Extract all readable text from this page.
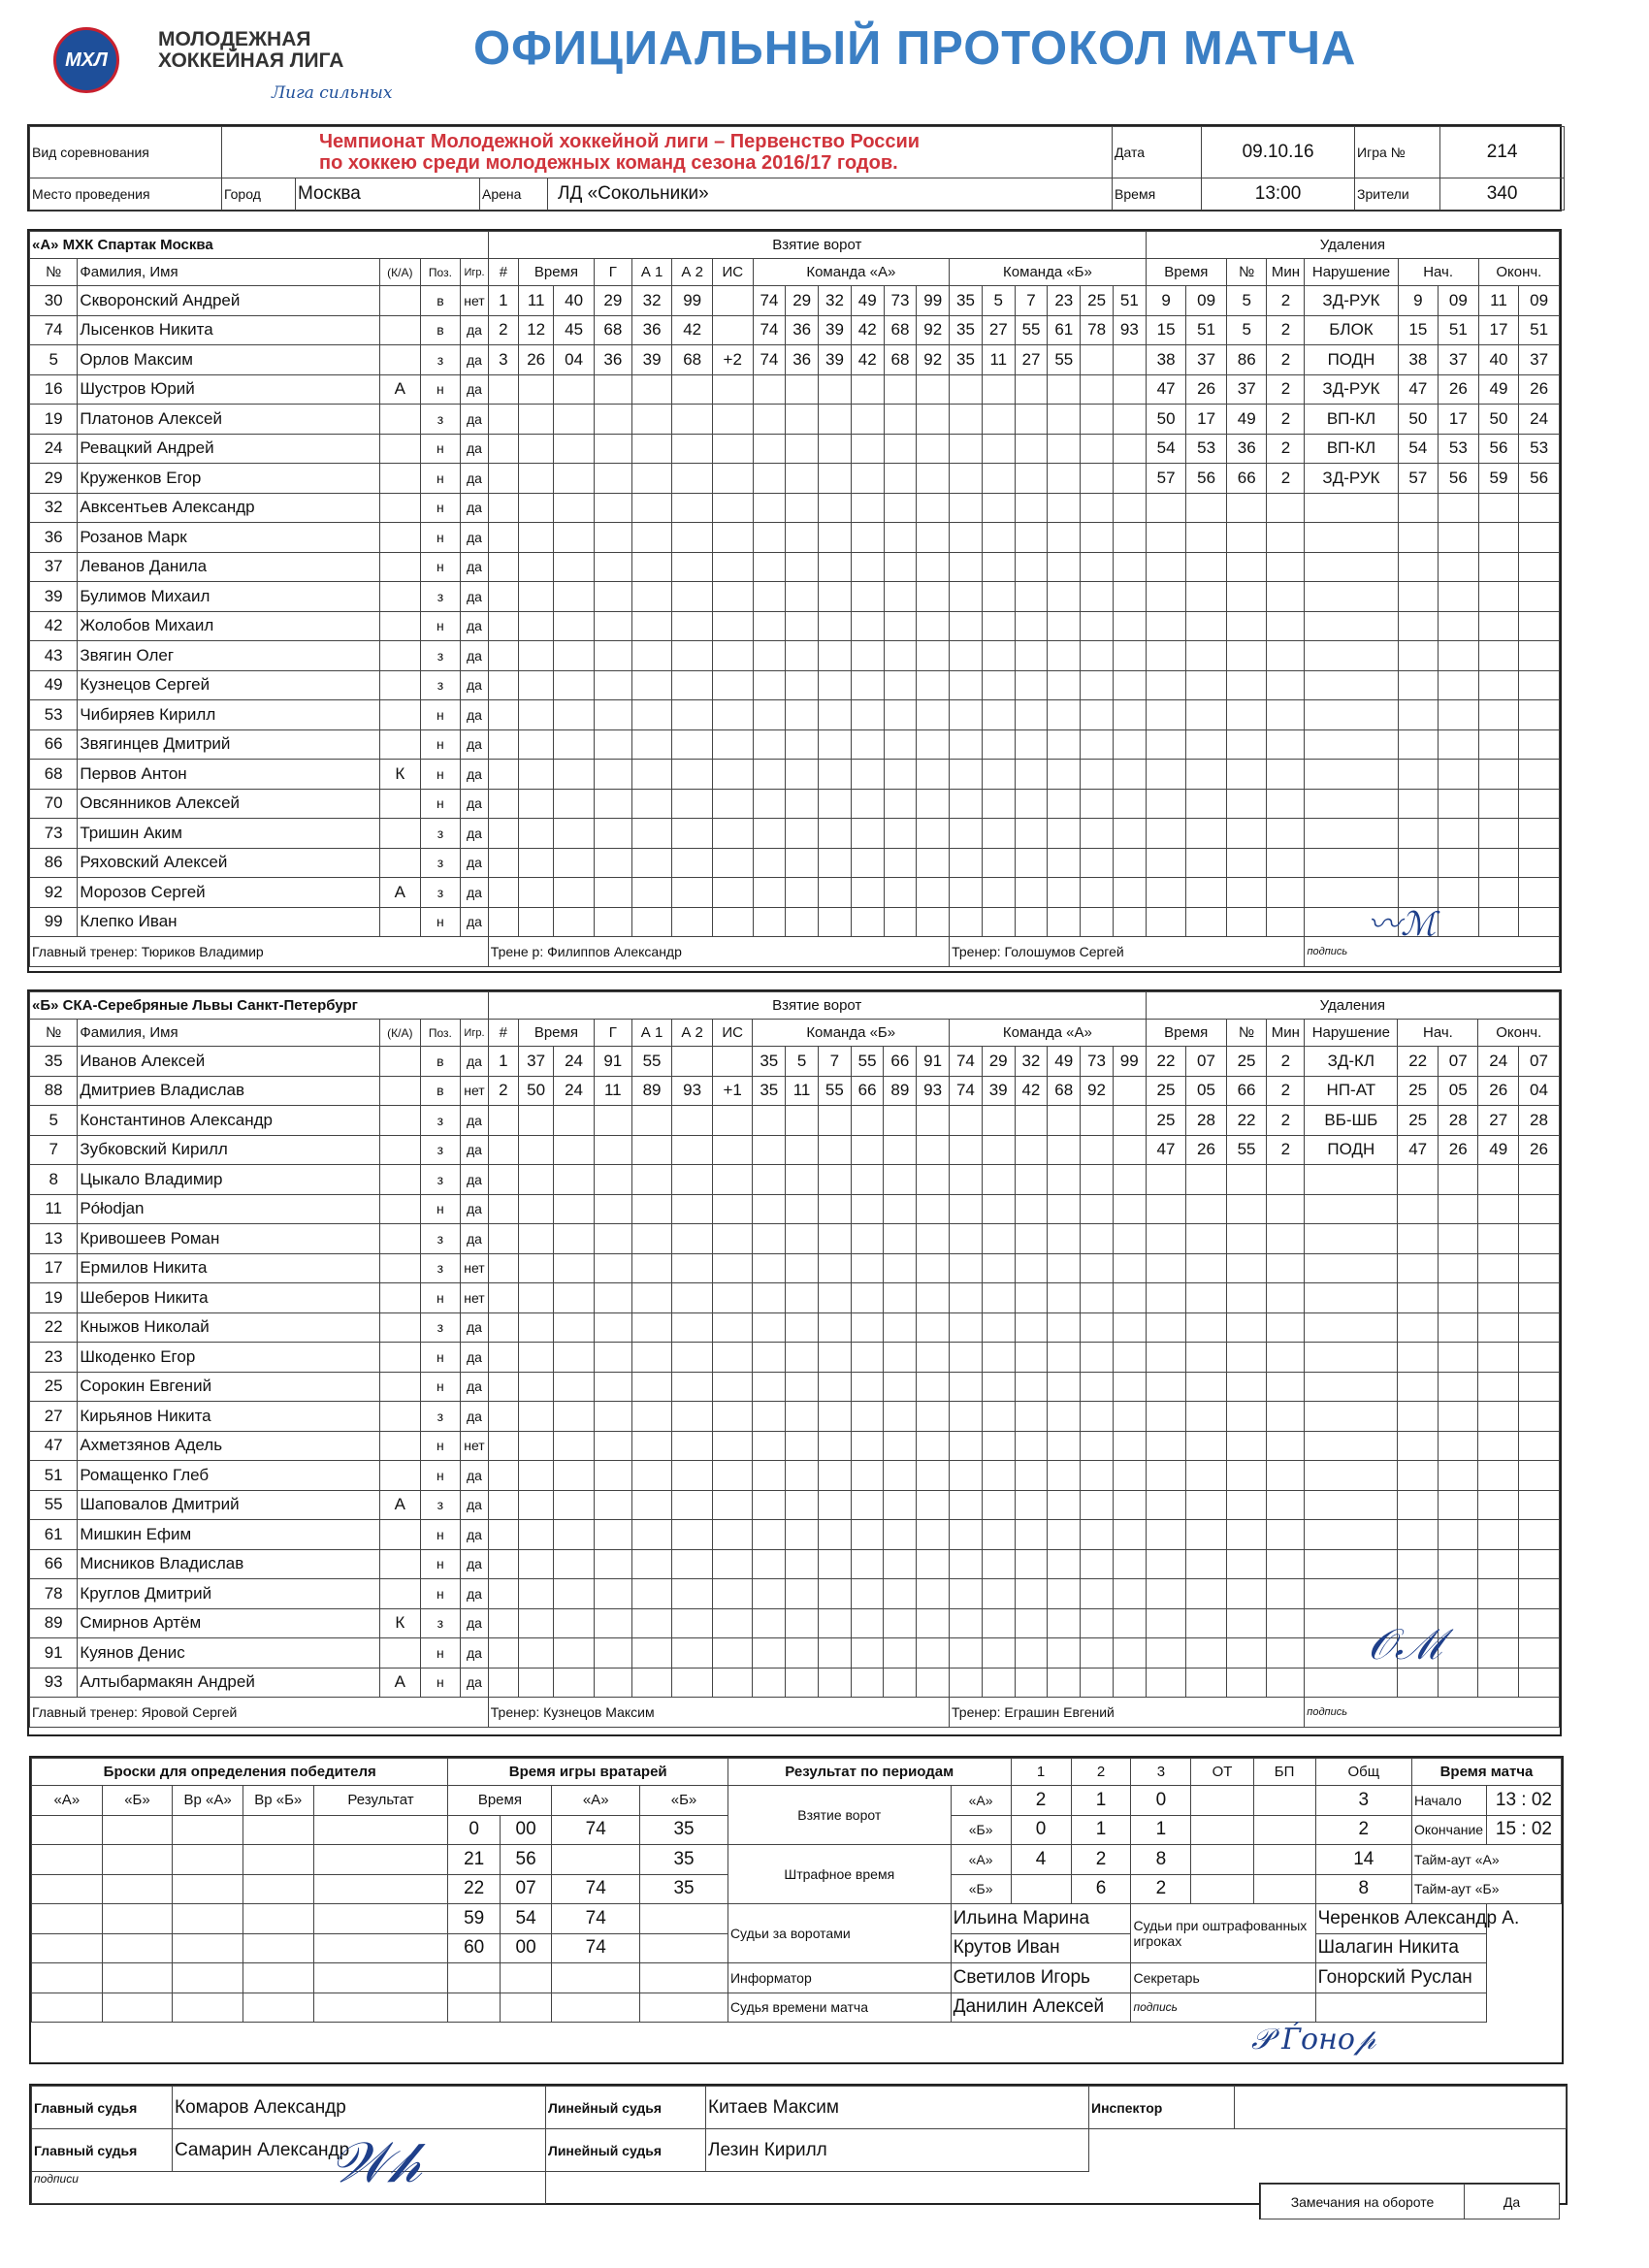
МХЛ
МОЛОДЕЖНАЯ
ХОККЕЙНАЯ ЛИГА
Лига сильных
ОФИЦИАЛЬНЫЙ ПРОТОКОЛ МАТЧА
Вид соревнования	Чемпионат Молодежной хоккейной лиги – Первенство России
по хоккею среди молодежных команд сезона 2016/17 годов.				Дата	09.10.16	Игра №	214
Место проведения	Город	Москва	Арена	ЛД «Сокольники»	Время	13:00	Зрители	340
«А» МХК Спартак Москва					Взятие ворот																			Удаления								
№	Фамилия, Имя	(К/А)	Поз.	Игр.	#	Время		Г	А 1	А 2	ИС	Команда «А»						Команда «Б»						Время		№	Мин	Нарушение	Нач.		Оконч.	
30	Скворонский Андрей		в	нет	1	11	40	29	32	99		74	29	32	49	73	99	35	5	7	23	25	51	9	09	5	2	ЗД-РУК	9	09	11	09
74	Лысенков Никита		в	да	2	12	45	68	36	42		74	36	39	42	68	92	35	27	55	61	78	93	15	51	5	2	БЛОК	15	51	17	51
5	Орлов Максим		з	да	3	26	04	36	39	68	+2	74	36	39	42	68	92	35	11	27	55			38	37	86	2	ПОДН	38	37	40	37
16	Шустров Юрий	А	н	да																				47	26	37	2	ЗД-РУК	47	26	49	26
19	Платонов Алексей		з	да																				50	17	49	2	ВП-КЛ	50	17	50	24
24	Ревацкий Андрей		н	да																				54	53	36	2	ВП-КЛ	54	53	56	53
29	Круженков Егор		н	да																				57	56	66	2	ЗД-РУК	57	56	59	56
32	Авксентьев Александр		н	да																												
36	Розанов Марк		н	да																												
37	Леванов Данила		н	да																												
39	Булимов Михаил		з	да																												
42	Жолобов Михаил		н	да																												
43	Звягин Олег		з	да																												
49	Кузнецов Сергей		з	да																												
53	Чибиряев Кирилл		н	да																												
66	Звягинцев Дмитрий		н	да																												
68	Первов Антон	К	н	да																												
70	Овсянников Алексей		н	да																												
73	Тришин Аким		з	да																												
86	Ряховский Алексей		з	да																												
92	Морозов Сергей	А	з	да																												
99	Клепко Иван		н	да																												
Главный тренер: Тюриков Владимир					Трене р: Филиппов Александр													Тренер: Голошумов Сергей										подпись				
〰ℳ
«Б» СКА-Серебряные Львы Санкт-Петербург					Взятие ворот																			Удаления								
№	Фамилия, Имя	(К/А)	Поз.	Игр.	#	Время		Г	А 1	А 2	ИС	Команда «Б»						Команда «А»						Время		№	Мин	Нарушение	Нач.		Оконч.	
35	Иванов Алексей		в	да	1	37	24	91	55			35	5	7	55	66	91	74	29	32	49	73	99	22	07	25	2	ЗД-КЛ	22	07	24	07
88	Дмитриев Владислав		в	нет	2	50	24	11	89	93	+1	35	11	55	66	89	93	74	39	42	68	92		25	05	66	2	НП-АТ	25	05	26	04
5	Константинов Александр		з	да																				25	28	22	2	ВБ-ШБ	25	28	27	28
7	Зубковский Кирилл		з	да																				47	26	55	2	ПОДН	47	26	49	26
8	Цыкало Владимир		з	да																												
11	Półodjan		н	да																												
13	Кривошеев Роман		з	да																												
17	Ермилов Никита		з	нет																												
19	Шеберов Никита		н	нет																												
22	Кныжов Николай		з	да																												
23	Шкоденко Егор		н	да																												
25	Сорокин Евгений		н	да																												
27	Кирьянов Никита		з	да																												
47	Ахметзянов Адель		н	нет																												
51	Ромащенко Глеб		н	да																												
55	Шаповалов Дмитрий	А	з	да																												
61	Мишкин Ефим		н	да																												
66	Мисников Владислав		н	да																												
78	Круглов Дмитрий		н	да																												
89	Смирнов Артём	К	з	да																												
91	Куянов Денис		н	да																												
93	Алтыбармакян Андрей	А	н	да																												
Главный тренер: Яровой Сергей					Тренер: Кузнецов Максим													Тренер: Еграшин Евгений										подпись				
𝒪ℳ
Броски для определения победителя					Время игры вратарей				Результат по периодам		1	2	3	ОТ	БП	Общ	Время матча	
«А»	«Б»	Вр «А»	Вр «Б»	Результат	Время		«А»	«Б»	Взятие ворот	«А»	2	1	0			3	Начало	13 : 02
					0	00	74	35		«Б»	0	1	1			2	Окончание	15 : 02
					21	56		35	Штрафное время	«А»	4	2	8			14	Тайм-аут «А»	
					22	07	74	35		«Б»		6	2			8	Тайм-аут «Б»	
					59	54	74		Судьи за воротами	Ильина Марина			Судьи при оштрафованных игроках			Черенков Александр А.		
					60	00	74			Крутов Иван						Шалагин Никита		
									Информатор	Светилов Игорь			Секретарь			Гонорский Руслан		
									Судья времени матча	Данилин Алексей			подпись					
𝒫 Ѓоно𝓅
Главный судья	Комаров Александр	Линейный судья	Китаев Максим	Инспектор	
Главный судья	Самарин Александр	Линейный судья	Лезин Кирилл		
подписи						𝒲𝒽
Замечания на обороте	Да
